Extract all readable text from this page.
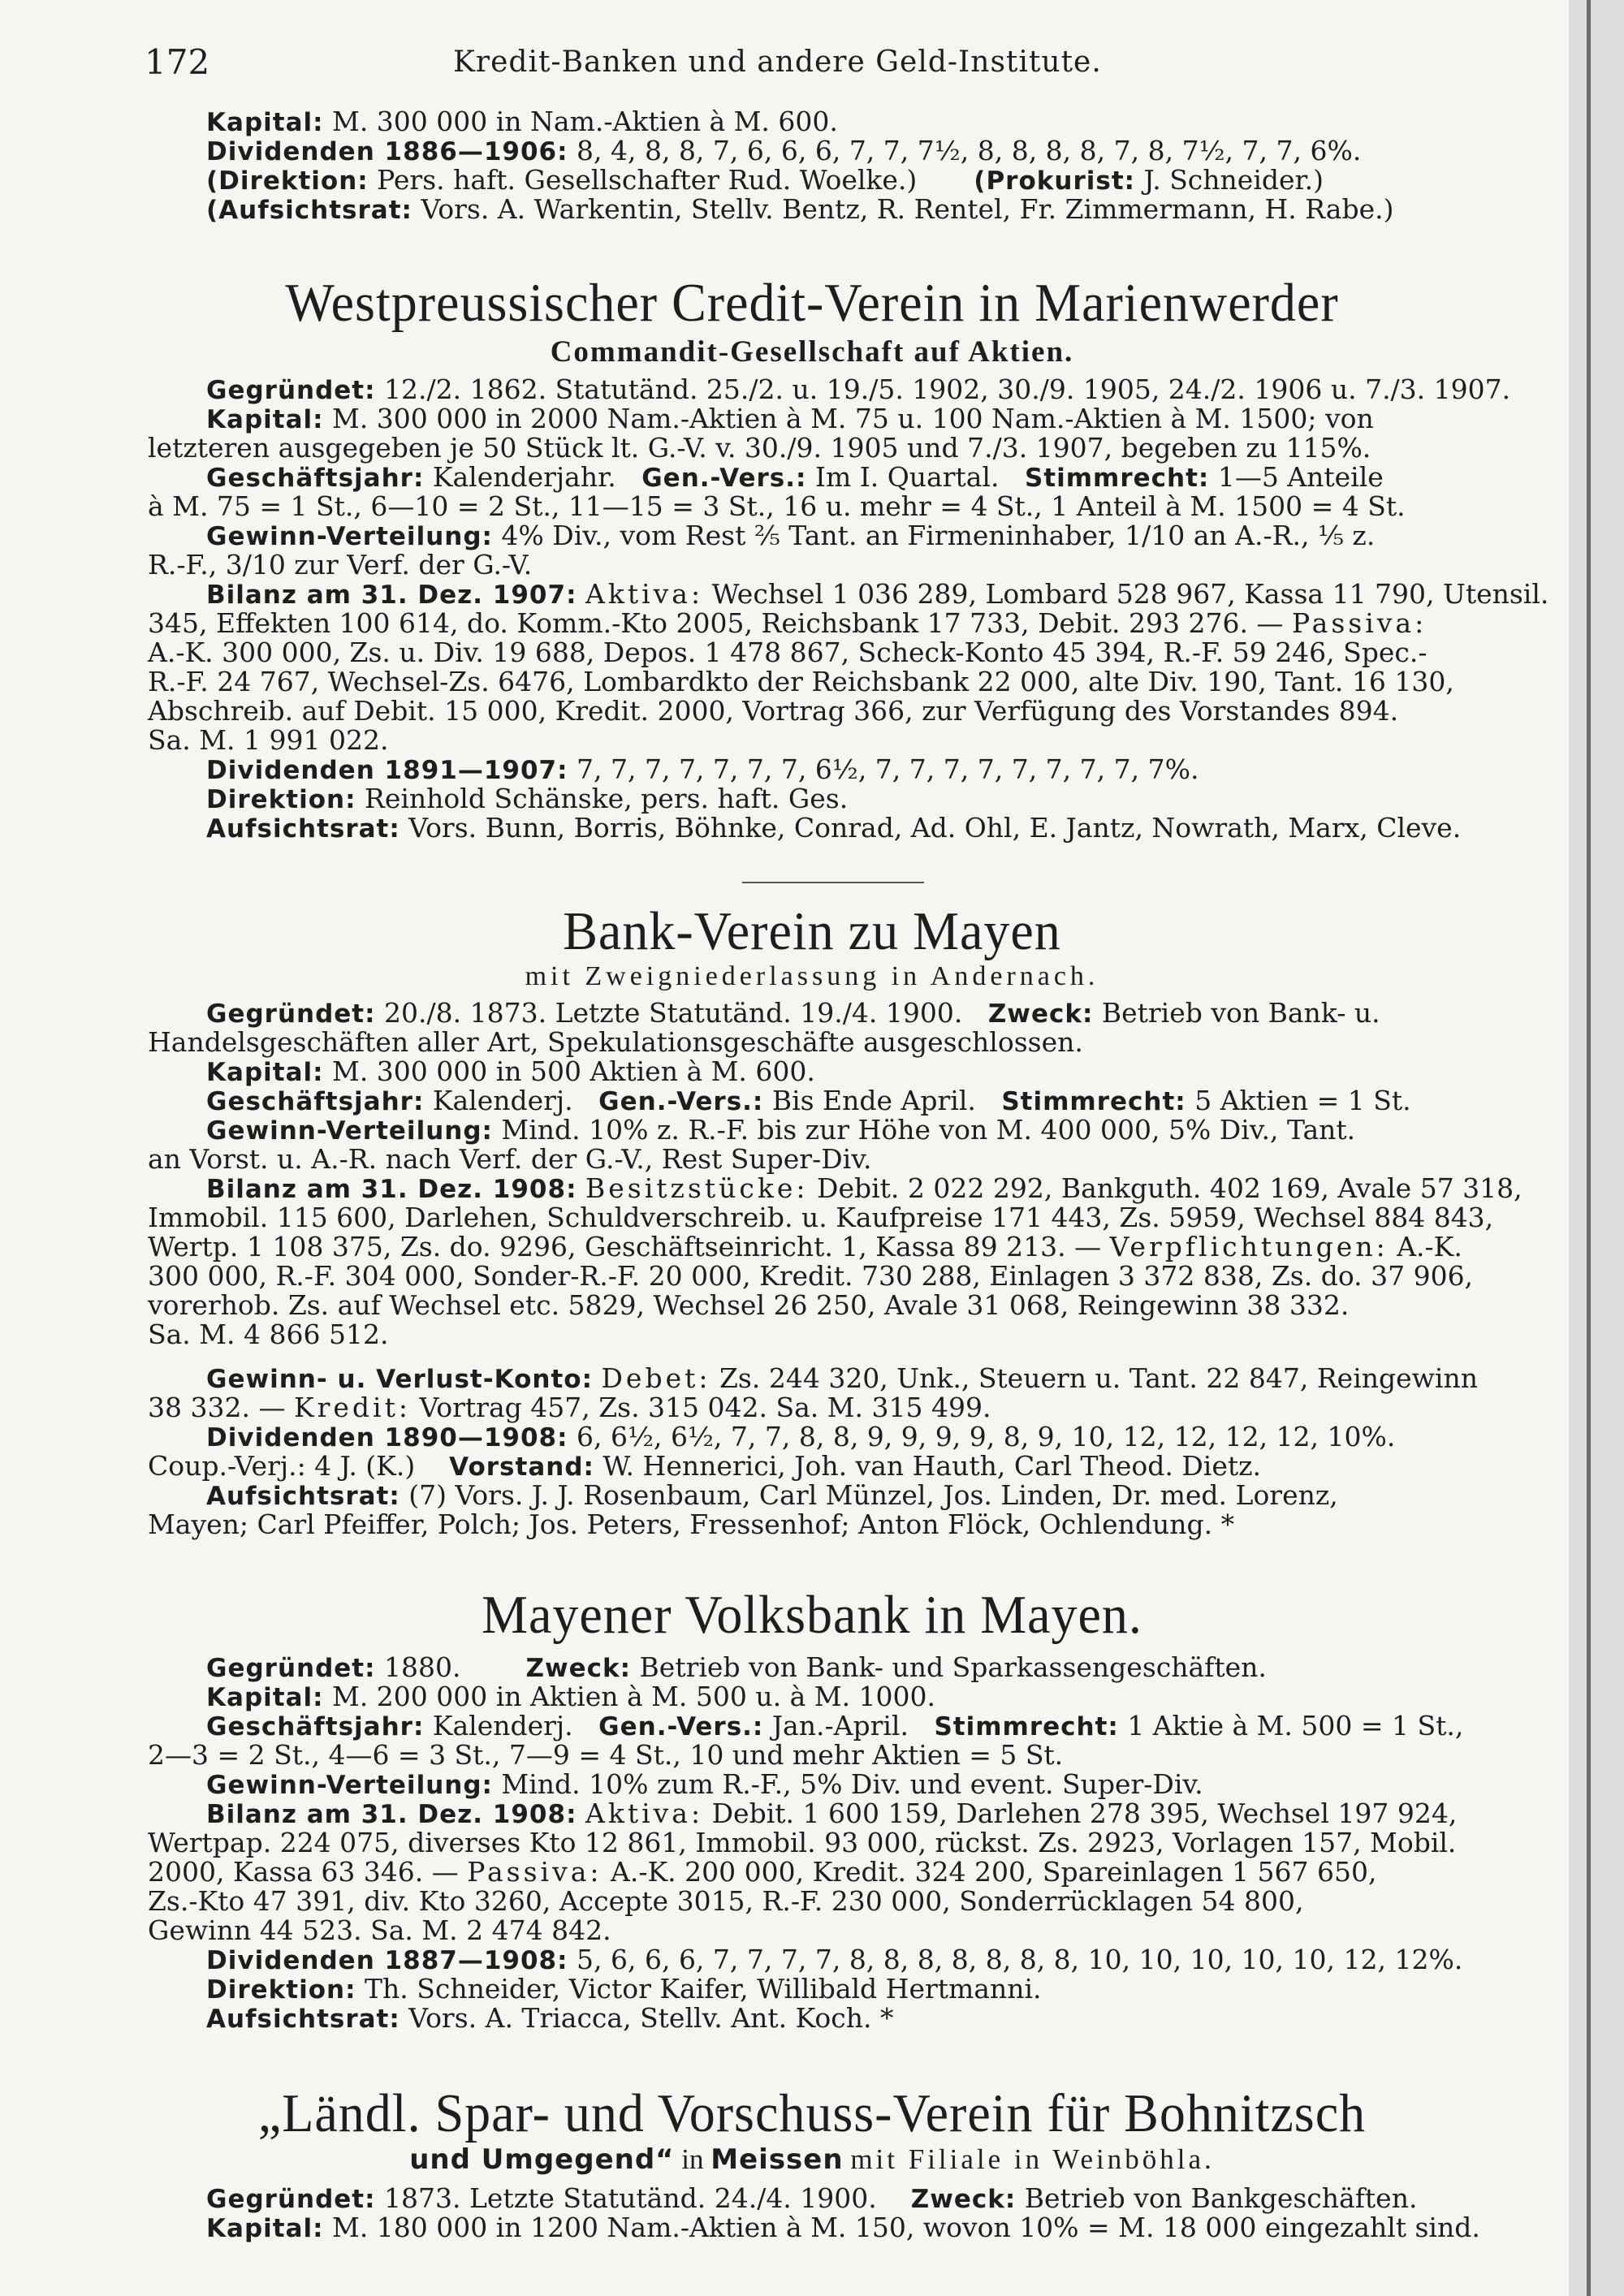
172	Kredit-Banken und andere Geld-Institute.
Kapital: M. 300 000 in Nam.-Aktien à M. 600.
Dividenden 1886—1906: 8, 4, 8, 8, 7, 6, 6, 6, 7, 7, 7½, 8, 8, 8, 8, 7, 8, 7½, 7, 7, 6%.
(Direktion: Pers. haft. Gesellschafter Rud. Woelke.) (Prokurist: J. Schneider.)
(Aufsichtsrat: Vors. A. Warkentin, Stellv. Bentz, R. Rentel, Fr. Zimmermann, H. Rabe.)
Westpreussischer Credit-Verein in Marienwerder
Commandit-Gesellschaft auf Aktien.
Gegründet: 12./2. 1862. Statutänd. 25./2. u. 19./5. 1902, 30./9. 1905, 24./2. 1906 u. 7./3. 1907.
Kapital: M. 300 000 in 2000 Nam.-Aktien à M. 75 u. 100 Nam.-Aktien à M. 1500; von
letzteren ausgegeben je 50 Stück lt. G.-V. v. 30./9. 1905 und 7./3. 1907, begeben zu 115%.
Geschäftsjahr: Kalenderjahr. Gen.-Vers.: Im I. Quartal. Stimmrecht: 1—5 Anteile
à M. 75 = 1 St., 6—10 = 2 St., 11—15 = 3 St., 16 u. mehr = 4 St., 1 Anteil à M. 1500 = 4 St.
Gewinn-Verteilung: 4% Div., vom Rest ⅖ Tant. an Firmeninhaber, 1/10 an A.-R., ⅕ z.
R.-F., 3/10 zur Verf. der G.-V.
Bilanz am 31. Dez. 1907: Aktiva: Wechsel 1 036 289, Lombard 528 967, Kassa 11 790, Utensil.
345, Effekten 100 614, do. Komm.-Kto 2005, Reichsbank 17 733, Debit. 293 276. — Passiva:
A.-K. 300 000, Zs. u. Div. 19 688, Depos. 1 478 867, Scheck-Konto 45 394, R.-F. 59 246, Spec.-
R.-F. 24 767, Wechsel-Zs. 6476, Lombardkto der Reichsbank 22 000, alte Div. 190, Tant. 16 130,
Abschreib. auf Debit. 15 000, Kredit. 2000, Vortrag 366, zur Verfügung des Vorstandes 894.
Sa. M. 1 991 022.
Dividenden 1891—1907: 7, 7, 7, 7, 7, 7, 7, 6½, 7, 7, 7, 7, 7, 7, 7, 7, 7%.
Direktion: Reinhold Schänske, pers. haft. Ges.
Aufsichtsrat: Vors. Bunn, Borris, Böhnke, Conrad, Ad. Ohl, E. Jantz, Nowrath, Marx, Cleve.
Bank-Verein zu Mayen
mit Zweigniederlassung in Andernach.
Gegründet: 20./8. 1873. Letzte Statutänd. 19./4. 1900. Zweck: Betrieb von Bank- u.
Handelsgeschäften aller Art, Spekulationsgeschäfte ausgeschlossen.
Kapital: M. 300 000 in 500 Aktien à M. 600.
Geschäftsjahr: Kalenderj. Gen.-Vers.: Bis Ende April. Stimmrecht: 5 Aktien = 1 St.
Gewinn-Verteilung: Mind. 10% z. R.-F. bis zur Höhe von M. 400 000, 5% Div., Tant.
an Vorst. u. A.-R. nach Verf. der G.-V., Rest Super-Div.
Bilanz am 31. Dez. 1908: Besitzstücke: Debit. 2 022 292, Bankguth. 402 169, Avale 57 318,
Immobil. 115 600, Darlehen, Schuldverschreib. u. Kaufpreise 171 443, Zs. 5959, Wechsel 884 843,
Wertp. 1 108 375, Zs. do. 9296, Geschäftseinricht. 1, Kassa 89 213. — Verpflichtungen: A.-K.
300 000, R.-F. 304 000, Sonder-R.-F. 20 000, Kredit. 730 288, Einlagen 3 372 838, Zs. do. 37 906,
vorerhob. Zs. auf Wechsel etc. 5829, Wechsel 26 250, Avale 31 068, Reingewinn 38 332.
Sa. M. 4 866 512.
Gewinn- u. Verlust-Konto: Debet: Zs. 244 320, Unk., Steuern u. Tant. 22 847, Reingewinn
38 332. — Kredit: Vortrag 457, Zs. 315 042. Sa. M. 315 499.
Dividenden 1890—1908: 6, 6½, 6½, 7, 7, 8, 8, 9, 9, 9, 9, 8, 9, 10, 12, 12, 12, 12, 10%.
Coup.-Verj.: 4 J. (K.) Vorstand: W. Hennerici, Joh. van Hauth, Carl Theod. Dietz.
Aufsichtsrat: (7) Vors. J. J. Rosenbaum, Carl Münzel, Jos. Linden, Dr. med. Lorenz,
Mayen; Carl Pfeiffer, Polch; Jos. Peters, Fressenhof; Anton Flöck, Ochlendung. *
Mayener Volksbank in Mayen.
Gegründet: 1880.	Zweck: Betrieb von Bank- und Sparkassengeschäften.
Kapital: M. 200 000 in Aktien à M. 500 u. à M. 1000.
Geschäftsjahr: Kalenderj. Gen.-Vers.: Jan.-April. Stimmrecht: 1 Aktie à M. 500 = 1 St.,
2—3 = 2 St., 4—6 = 3 St., 7—9 = 4 St., 10 und mehr Aktien = 5 St.
Gewinn-Verteilung: Mind. 10% zum R.-F., 5% Div. und event. Super-Div.
Bilanz am 31. Dez. 1908: Aktiva: Debit. 1 600 159, Darlehen 278 395, Wechsel 197 924,
Wertpap. 224 075, diverses Kto 12 861, Immobil. 93 000, rückst. Zs. 2923, Vorlagen 157, Mobil.
2000, Kassa 63 346. — Passiva: A.-K. 200 000, Kredit. 324 200, Spareinlagen 1 567 650,
Zs.-Kto 47 391, div. Kto 3260, Accepte 3015, R.-F. 230 000, Sonderrücklagen 54 800,
Gewinn 44 523. Sa. M. 2 474 842.
Dividenden 1887—1908: 5, 6, 6, 6, 7, 7, 7, 7, 8, 8, 8, 8, 8, 8, 8, 10, 10, 10, 10, 10, 12, 12%.
Direktion: Th. Schneider, Victor Kaifer, Willibald Hertmanni.
Aufsichtsrat: Vors. A. Triacca, Stellv. Ant. Koch. *
„Ländl. Spar- und Vorschuss-Verein für Bohnitzsch
und Umgegend“ in Meissen mit Filiale in Weinböhla.
Gegründet: 1873. Letzte Statutänd. 24./4. 1900. Zweck: Betrieb von Bankgeschäften.
Kapital: M. 180 000 in 1200 Nam.-Aktien à M. 150, wovon 10% = M. 18 000 eingezahlt sind.
